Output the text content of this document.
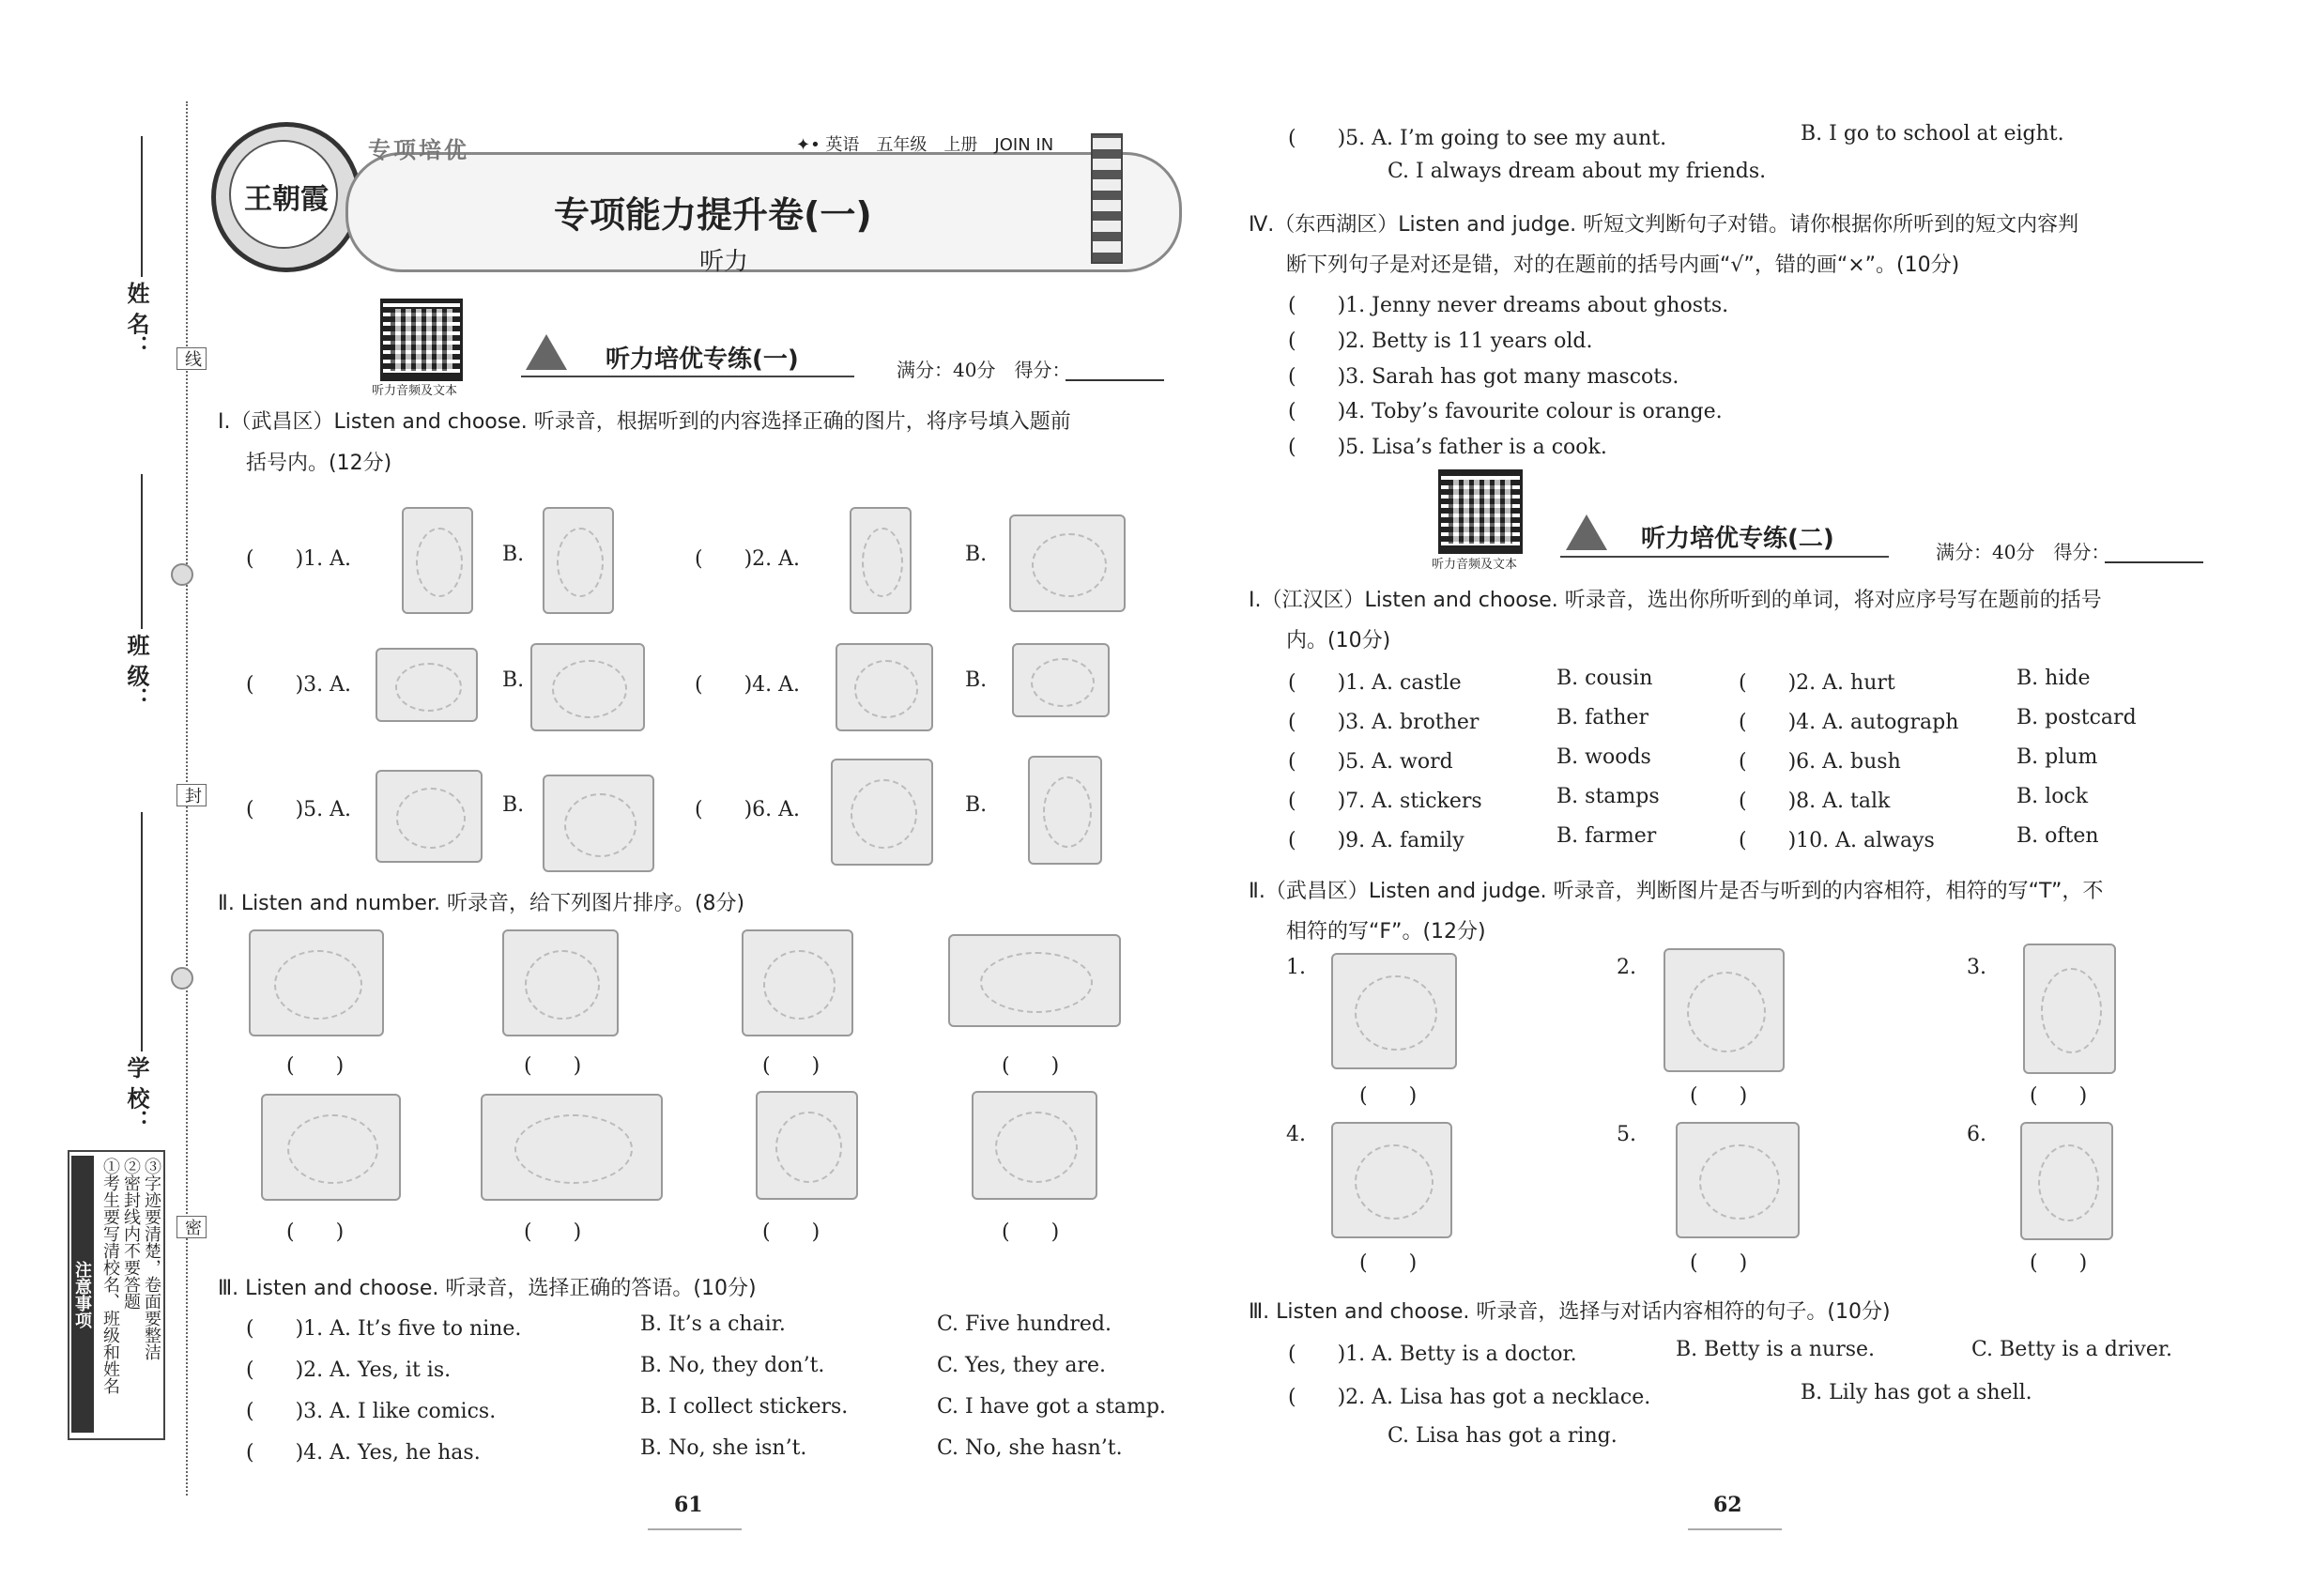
姓 名：
班 级：
学 校：
线
封
密
注意事项 ①考生要写清校名、班级和姓名 ②密封线内不要答题 ③字迹要清楚，卷面要整洁
王朝霞
专项培优	✦• 英语　五年级　上册　JOIN IN
专项能力提升卷(一)
听力
听力音频及文本
听力培优专练(一)	满分：40分　得分：
Ⅰ.（武昌区）Listen and choose. 听录音，根据听到的内容选择正确的图片，将序号填入题前
括号内。(12分)
(　　)1. A.	B.	(　　)2. A.	B.
(　　)3. A.	B.	(　　)4. A.	B.
(　　)5. A.	B.	(　　)6. A.	B.
Ⅱ. Listen and number. 听录音，给下列图片排序。(8分)
(　　)	(　　)	(　　)	(　　)
(　　)	(　　)	(　　)	(　　)
Ⅲ. Listen and choose. 听录音，选择正确的答语。(10分)
(　　)1. A. It’s five to nine.	B. It’s a chair.	C. Five hundred.
(　　)2. A. Yes, it is.	B. No, they don’t.	C. Yes, they are.
(　　)3. A. I like comics.	B. I collect stickers.	C. I have got a stamp.
(　　)4. A. Yes, he has.	B. No, she isn’t.	C. No, she hasn’t.
61
(　　)5. A. I’m going to see my aunt.	B. I go to school at eight.
C. I always dream about my friends.
Ⅳ.（东西湖区）Listen and judge. 听短文判断句子对错。请你根据你所听到的短文内容判
断下列句子是对还是错，对的在题前的括号内画“√”，错的画“×”。(10分)
(　　)1. Jenny never dreams about ghosts.
(　　)2. Betty is 11 years old.
(　　)3. Sarah has got many mascots.
(　　)4. Toby’s favourite colour is orange.
(　　)5. Lisa’s father is a cook.
听力音频及文本
听力培优专练(二)	满分：40分　得分：
Ⅰ.（江汉区）Listen and choose. 听录音，选出你所听到的单词，将对应序号写在题前的括号
内。(10分)
(　　)1. A. castle	B. cousin	(　　)2. A. hurt	B. hide
(　　)3. A. brother	B. father	(　　)4. A. autograph	B. postcard
(　　)5. A. word	B. woods	(　　)6. A. bush	B. plum
(　　)7. A. stickers	B. stamps	(　　)8. A. talk	B. lock
(　　)9. A. family	B. farmer	(　　)10. A. always	B. often
Ⅱ.（武昌区）Listen and judge. 听录音，判断图片是否与听到的内容相符，相符的写“T”，不
相符的写“F”。(12分)
1.
(　　)
2.
(　　)
3.
(　　)
4.
(　　)
5.
(　　)
6.
(　　)
Ⅲ. Listen and choose. 听录音，选择与对话内容相符的句子。(10分)
(　　)1. A. Betty is a doctor.	B. Betty is a nurse.	C. Betty is a driver.
(　　)2. A. Lisa has got a necklace.	B. Lily has got a shell.
C. Lisa has got a ring.
62
